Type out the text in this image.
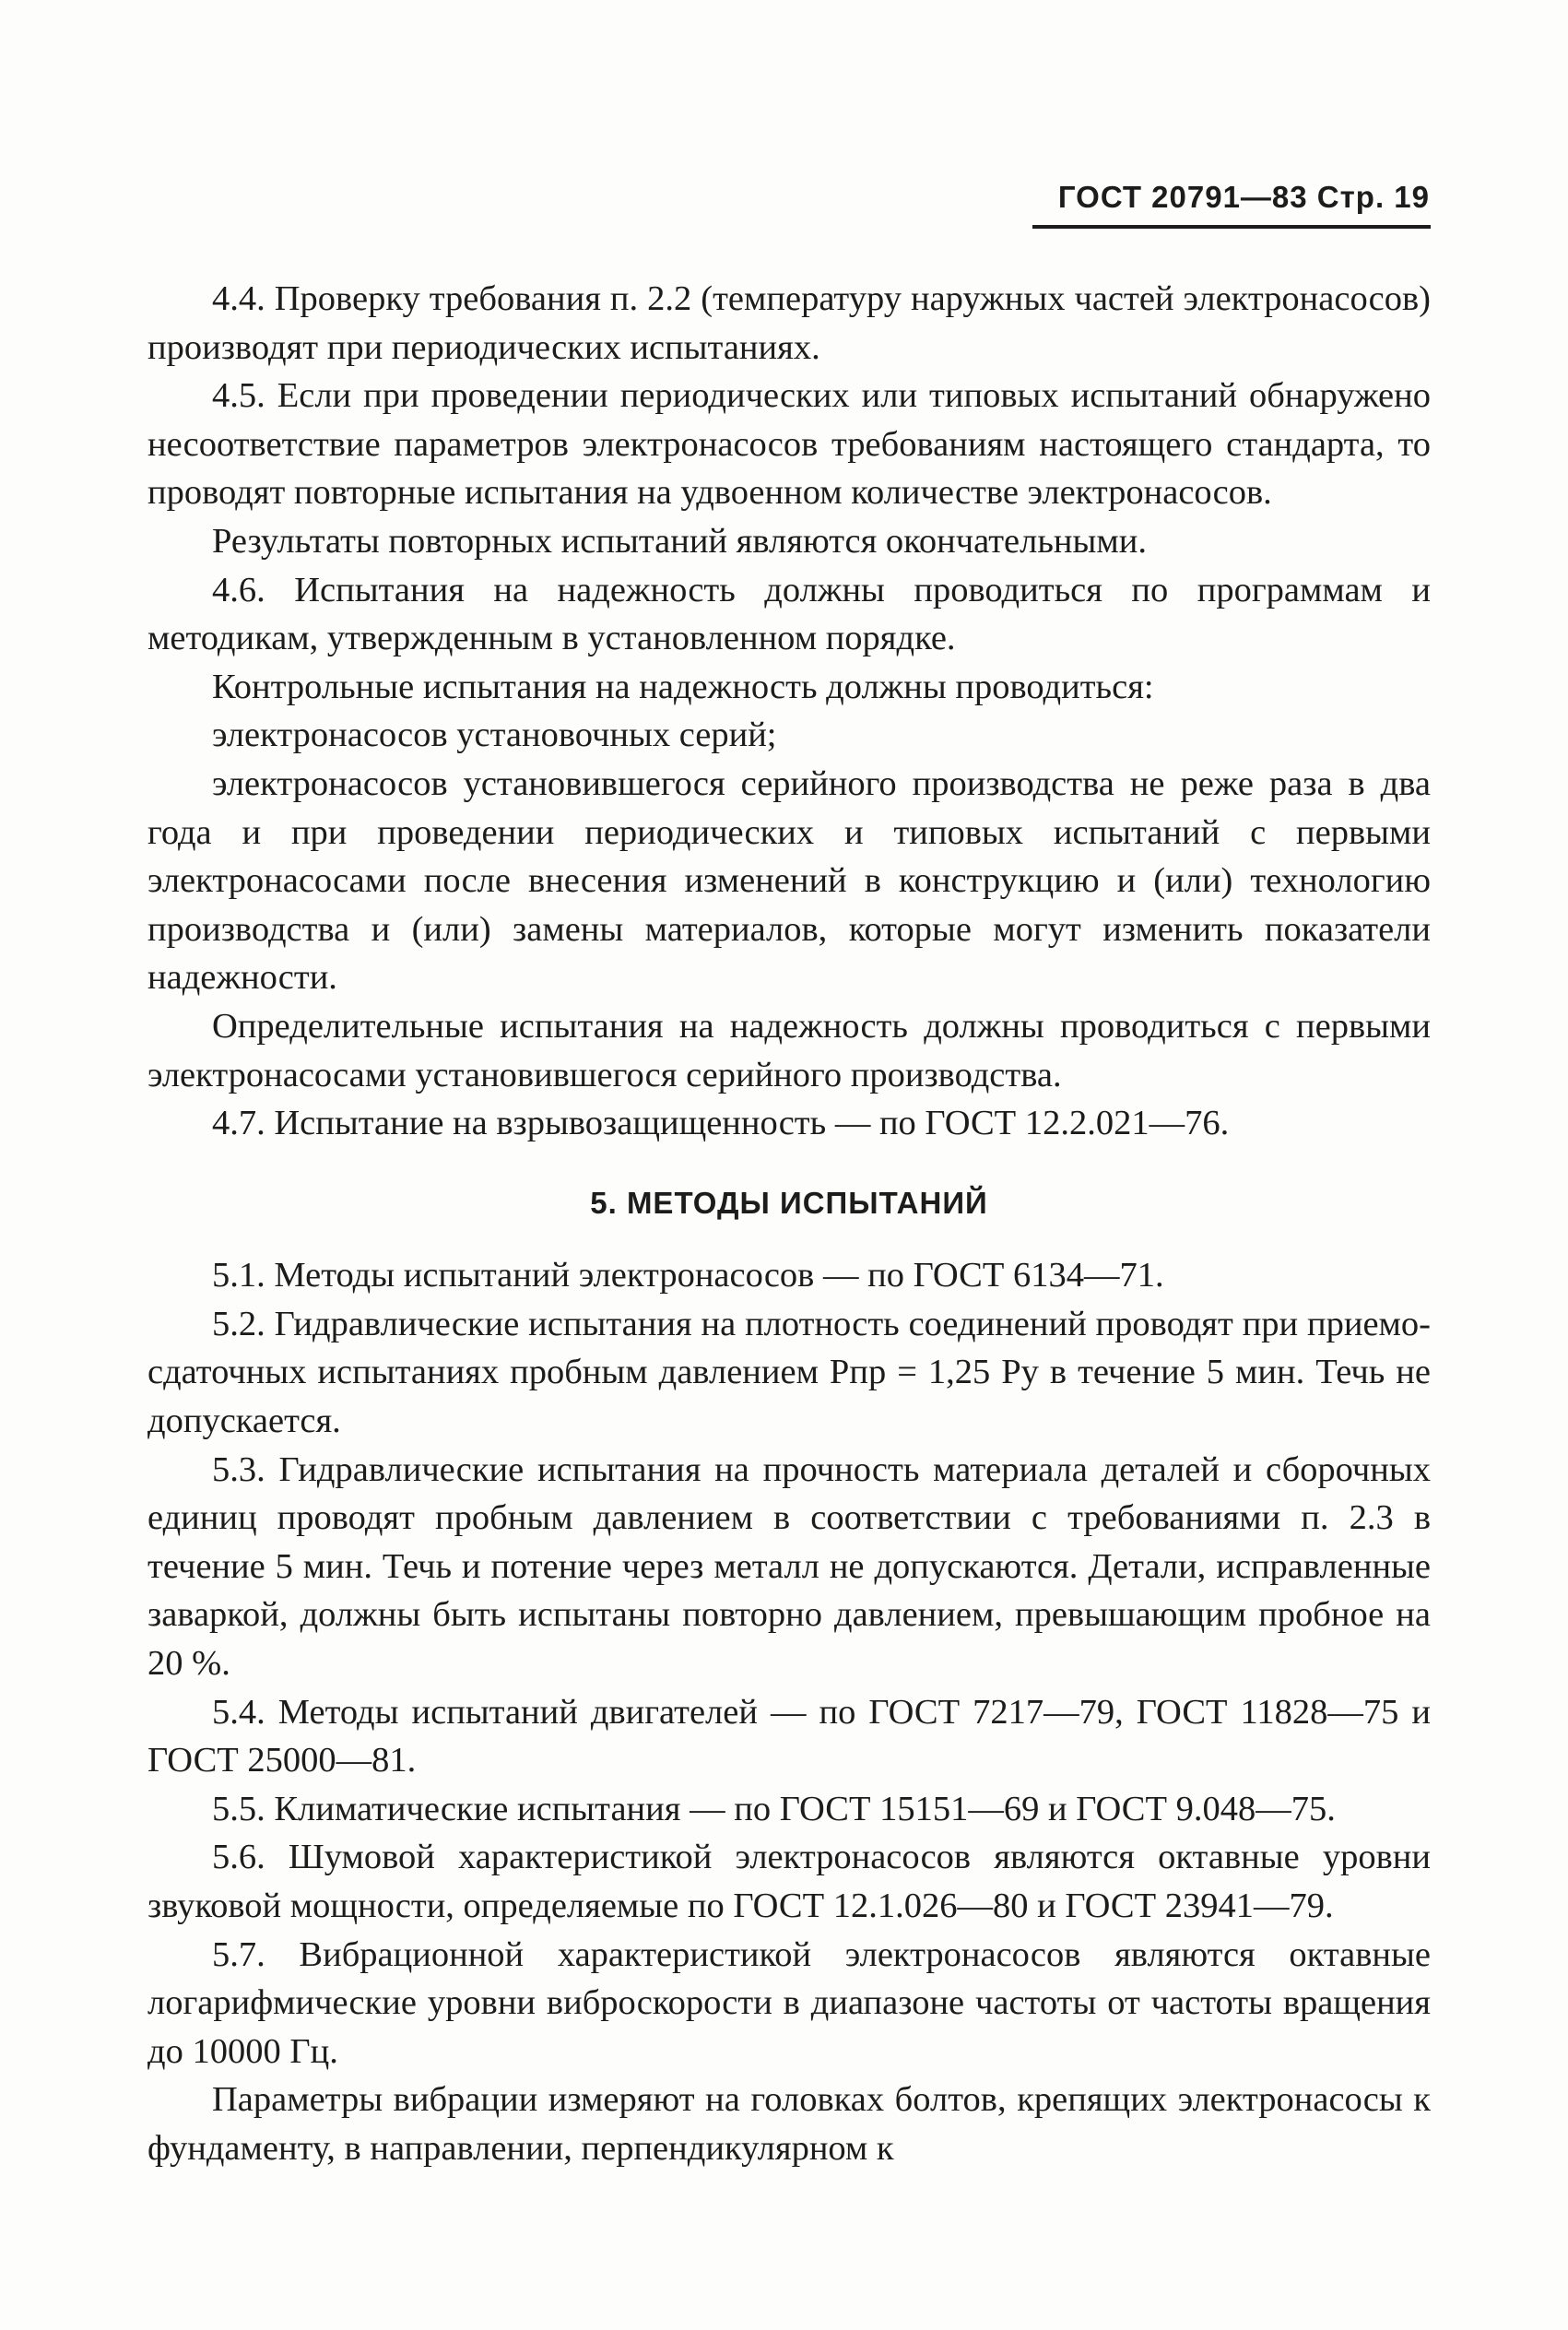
ГОСТ 20791—83 Стр. 19

4.4. Проверку требования п. 2.2 (температуру наружных частей электронасосов) производят при периодических испытаниях.

4.5. Если при проведении периодических или типовых испытаний обнаружено несоответствие параметров электронасосов требованиям настоящего стандарта, то проводят повторные испытания на удвоенном количестве электронасосов.

Результаты повторных испытаний являются окончательными.

4.6. Испытания на надежность должны проводиться по программам и методикам, утвержденным в установленном порядке.

Контрольные испытания на надежность должны проводиться:

электронасосов установочных серий;

электронасосов установившегося серийного производства не реже раза в два года и при проведении периодических и типовых испытаний с первыми электронасосами после внесения изменений в конструкцию и (или) технологию производства и (или) замены материалов, которые могут изменить показатели надежности.

Определительные испытания на надежность должны проводиться с первыми электронасосами установившегося серийного производства.

4.7. Испытание на взрывозащищенность — по ГОСТ 12.2.021—76.

5. МЕТОДЫ ИСПЫТАНИЙ

5.1. Методы испытаний электронасосов — по ГОСТ 6134—71.

5.2. Гидравлические испытания на плотность соединений проводят при приемо-сдаточных испытаниях пробным давлением Pпр = 1,25 Pу в течение 5 мин. Течь не допускается.

5.3. Гидравлические испытания на прочность материала деталей и сборочных единиц проводят пробным давлением в соответствии с требованиями п. 2.3 в течение 5 мин. Течь и потение через металл не допускаются. Детали, исправленные заваркой, должны быть испытаны повторно давлением, превышающим пробное на 20 %.

5.4. Методы испытаний двигателей — по ГОСТ 7217—79, ГОСТ 11828—75 и ГОСТ 25000—81.

5.5. Климатические испытания — по ГОСТ 15151—69 и ГОСТ 9.048—75.

5.6. Шумовой характеристикой электронасосов являются октавные уровни звуковой мощности, определяемые по ГОСТ 12.1.026—80 и ГОСТ 23941—79.

5.7. Вибрационной характеристикой электронасосов являются октавные логарифмические уровни виброскорости в диапазоне частоты от частоты вращения до 10000 Гц.

Параметры вибрации измеряют на головках болтов, крепящих электронасосы к фундаменту, в направлении, перпендикулярном к
